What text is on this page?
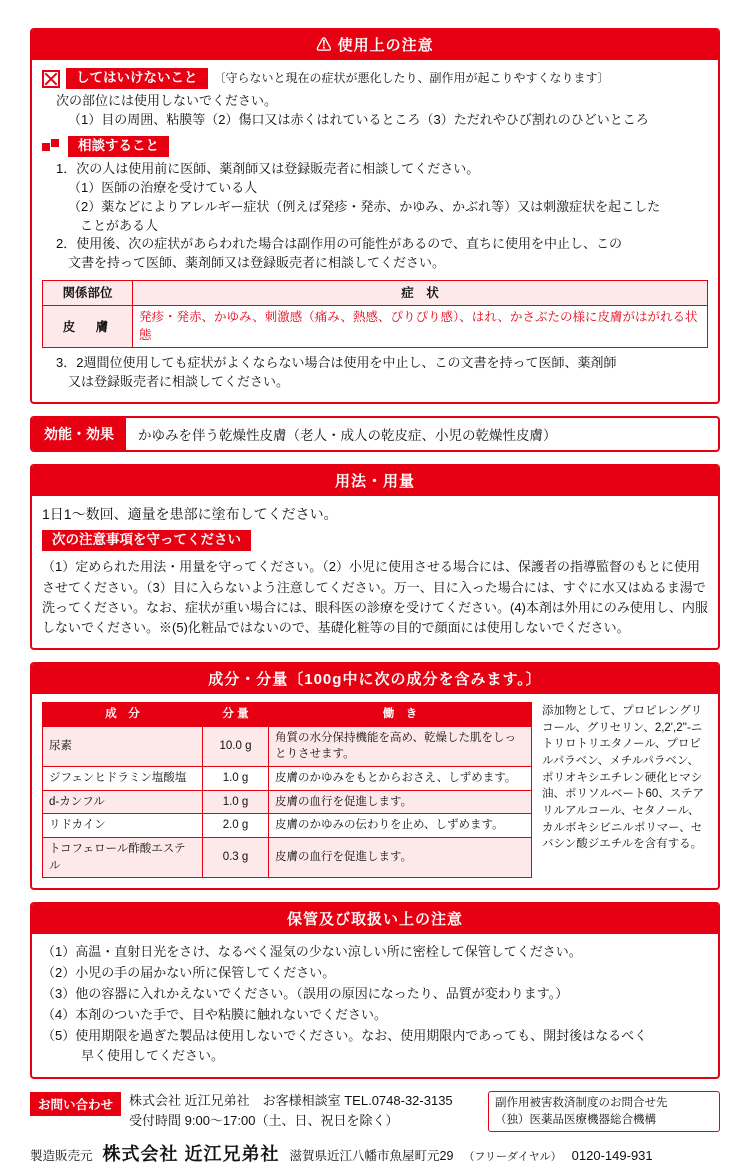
⚠ 使用上の注意
してはいけないこと	〔守らないと現在の症状が悪化したり、副作用が起こりやすくなります〕
次の部位には使用しないでください。
（1）目の周囲、粘膜等（2）傷口又は赤くはれているところ（3）ただれやひび割れのひどいところ
相談すること
1．次の人は使用前に医師、薬剤師又は登録販売者に相談してください。
（1）医師の治療を受けている人
（2）薬などによりアレルギー症状（例えば発疹・発赤、かゆみ、かぶれ等）又は刺激症状を起こした
ことがある人
2．使用後、次の症状があらわれた場合は副作用の可能性があるので、直ちに使用を中止し、この
文書を持って医師、薬剤師又は登録販売者に相談してください。
関係部位	症　状
皮　膚	発疹・発赤、かゆみ、刺激感（痛み、熱感、ぴりぴり感）、はれ、かさぶたの様に皮膚がはがれる状態
3．2週間位使用しても症状がよくならない場合は使用を中止し、この文書を持って医師、薬剤師
又は登録販売者に相談してください。
効能・効果	かゆみを伴う乾燥性皮膚（老人・成人の乾皮症、小児の乾燥性皮膚）
用法・用量
1日1〜数回、適量を患部に塗布してください。
次の注意事項を守ってください
（1）定められた用法・用量を守ってください。（2）小児に使用させる場合には、保護者の指導監督のもとに使用させてください。（3）目に入らないよう注意してください。万一、目に入った場合には、すぐに水又はぬるま湯で洗ってください。なお、症状が重い場合には、眼科医の診療を受けてください。(4)本剤は外用にのみ使用し、内服しないでください。※(5)化粧品ではないので、基礎化粧等の目的で顔面には使用しないでください。
成分・分量〔100g中に次の成分を含みます。〕
成　分	分 量	働　き
尿素	10.0 g	角質の水分保持機能を高め、乾燥した肌をしっとりさせます。
ジフェンヒドラミン塩酸塩	1.0 g	皮膚のかゆみをもとからおさえ、しずめます。
d-カンフル	1.0 g	皮膚の血行を促進します。
リドカイン	2.0 g	皮膚のかゆみの伝わりを止め、しずめます。
トコフェロール酢酸エステル	0.3 g	皮膚の血行を促進します。
添加物として、プロピレングリコール、グリセリン、2,2',2''-ニトリロトリエタノール、プロピルパラベン、メチルパラベン、ポリオキシエチレン硬化ヒマシ油、ポリソルベート60、ステアリルアルコール、セタノール、カルボキシビニルポリマー、セバシン酸ジエチルを含有する。
保管及び取扱い上の注意
（1）高温・直射日光をさけ、なるべく湿気の少ない涼しい所に密栓して保管してください。
（2）小児の手の届かない所に保管してください。
（3）他の容器に入れかえないでください。（誤用の原因になったり、品質が変わります。）
（4）本剤のついた手で、目や粘膜に触れないでください。
（5）使用期限を過ぎた製品は使用しないでください。なお、使用期限内であっても、開封後はなるべく
　　　早く使用してください。
お問い合わせ	株式会社 近江兄弟社　お客様相談室 TEL.0748-32-3135
受付時間 9:00〜17:00（土、日、祝日を除く）
副作用被害救済制度のお問合せ先
（独）医薬品医療機器総合機構
製造販売元 株式会社 近江兄弟社 滋賀県近江八幡市魚屋町元29 （フリーダイヤル） 0120-149-931
